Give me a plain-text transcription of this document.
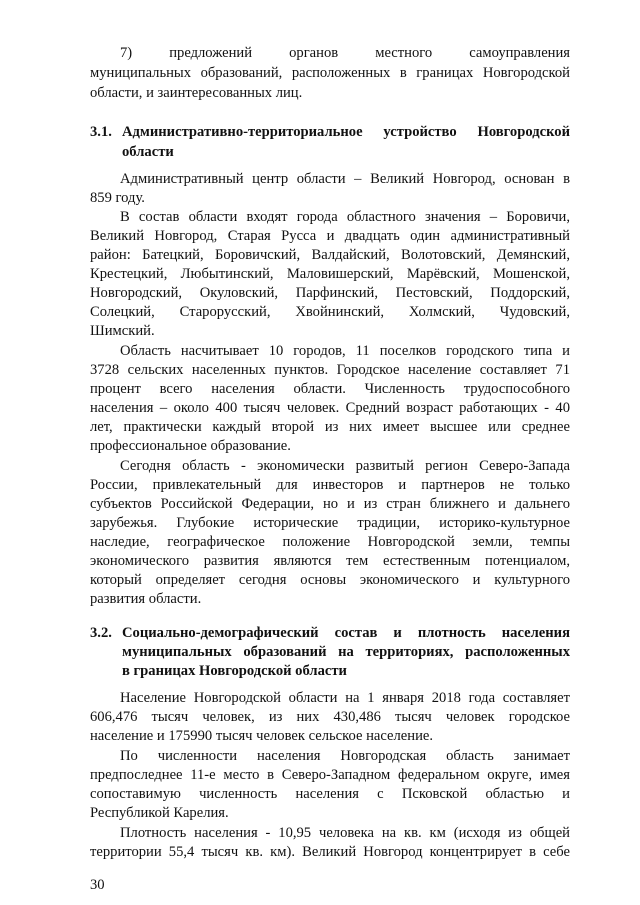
7) предложений органов местного самоуправления
муниципальных образований, расположенных в границах Новгородской
области, и заинтересованных лиц.
3.1. Административно-территориальное устройство Новгородской
области
Административный центр области – Великий Новгород, основан в
859 году.
В состав области входят города областного значения – Боровичи,
Великий Новгород, Старая Русса и двадцать один административный
район: Батецкий, Боровичский, Валдайский, Волотовский, Демянский,
Крестецкий, Любытинский, Маловишерский, Марёвский, Мошенской,
Новгородский, Окуловский, Парфинский, Пестовский, Поддорский,
Солецкий, Старорусский, Хвойнинский, Холмский, Чудовский,
Шимский.
Область насчитывает 10 городов, 11 поселков городского типа и
3728 сельских населенных пунктов. Городское население составляет 71
процент всего населения области. Численность трудоспособного
населения – около 400 тысяч человек. Средний возраст работающих - 40
лет, практически каждый второй из них имеет высшее или среднее
профессиональное образование.
Сегодня область - экономически развитый регион Северо-Запада
России, привлекательный для инвесторов и партнеров не только
субъектов Российской Федерации, но и из стран ближнего и дальнего
зарубежья. Глубокие исторические традиции, историко-культурное
наследие, географическое положение Новгородской земли, темпы
экономического развития являются тем естественным потенциалом,
который определяет сегодня основы экономического и культурного
развития области.
3.2. Социально-демографический состав и плотность населения
муниципальных образований на территориях, расположенных
в границах Новгородской области
Население Новгородской области на 1 января 2018 года составляет
606,476 тысяч человек, из них 430,486 тысяч человек городское
население и 175990 тысяч человек сельское население.
По численности населения Новгородская область занимает
предпоследнее 11-е место в Северо-Западном федеральном округе, имея
сопоставимую численность населения с Псковской областью и
Республикой Карелия.
Плотность населения - 10,95 человека на кв. км (исходя из общей
территории 55,4 тысяч кв. км). Великий Новгород концентрирует в себе
30
